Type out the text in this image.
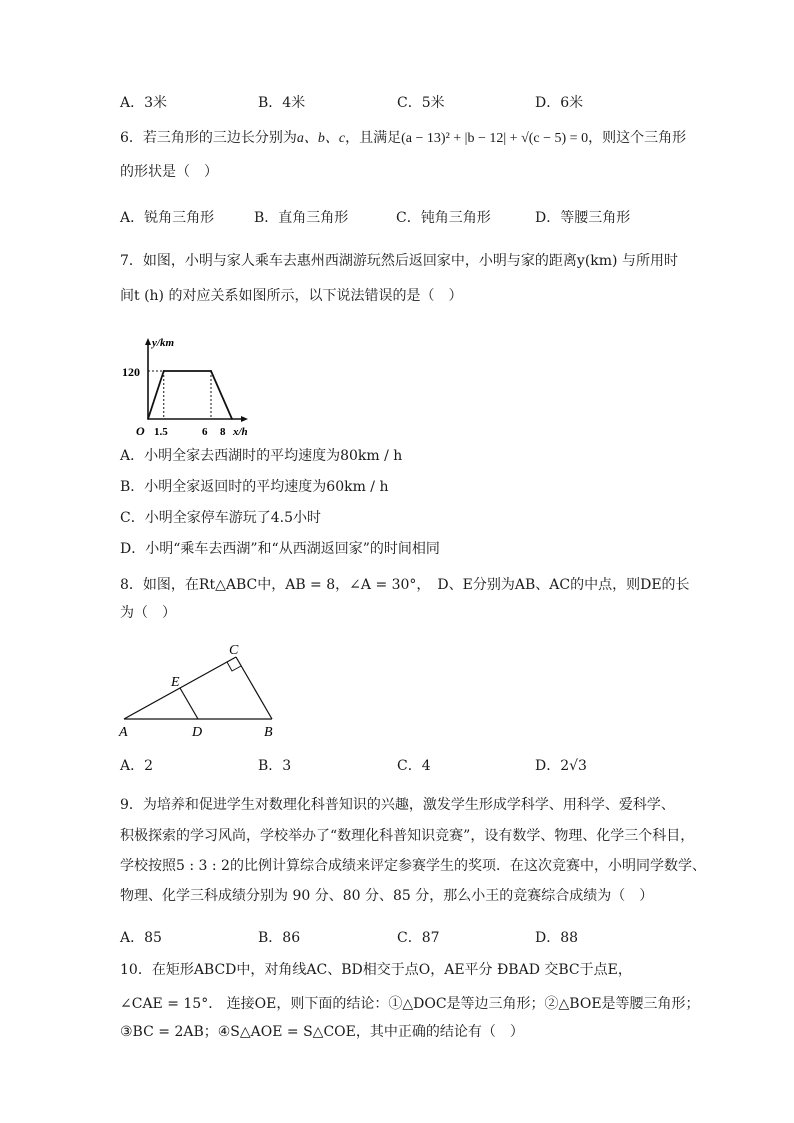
A．3米	B．4米	C．5米	D．6米
6．若三角形的三边长分别为a、b、c，且满足(a − 13)² + |b − 12| + √(c − 5) = 0，则这个三角形
的形状是（　）
A．锐角三角形	B．直角三角形	C．钝角三角形	D．等腰三角形
7．如图，小明与家人乘车去惠州西湖游玩然后返回家中，小明与家的距离y(km) 与所用时
间t (h) 的对应关系如图所示，以下说法错误的是（　）
y/km
x/h
O
120
1.5	6 8
A．小明全家去西湖时的平均速度为80km / h
B．小明全家返回时的平均速度为60km / h
C．小明全家停车游玩了4.5小时
D．小明“乘车去西湖”和“从西湖返回家”的时间相同
8．如图，在Rt△ABC中，AB = 8，∠A = 30°，　D、E分别为AB、AC的中点，则DE的长
为（　）
A	D	B
E
C
A．2	B．3	C．4	D．2√3
9．为培养和促进学生对数理化科普知识的兴趣，激发学生形成学科学、用科学、爱科学、
积极探索的学习风尚，学校举办了“数理化科普知识竞赛”，设有数学、物理、化学三个科目，
学校按照5 : 3 : 2的比例计算综合成绩来评定参赛学生的奖项．在这次竞赛中，小明同学数学、
物理、化学三科成绩分别为 90 分、80 分、85 分，那么小王的竞赛综合成绩为（　）
A．85	B．86	C．87	D．88
10．在矩形ABCD中，对角线AC、BD相交于点O，AE平分 ÐBAD 交BC于点E，
∠CAE = 15°． 连接OE，则下面的结论：①△DOC是等边三角形；②△BOE是等腰三角形；
③BC = 2AB；④S△AOE = S△COE，其中正确的结论有（　）
